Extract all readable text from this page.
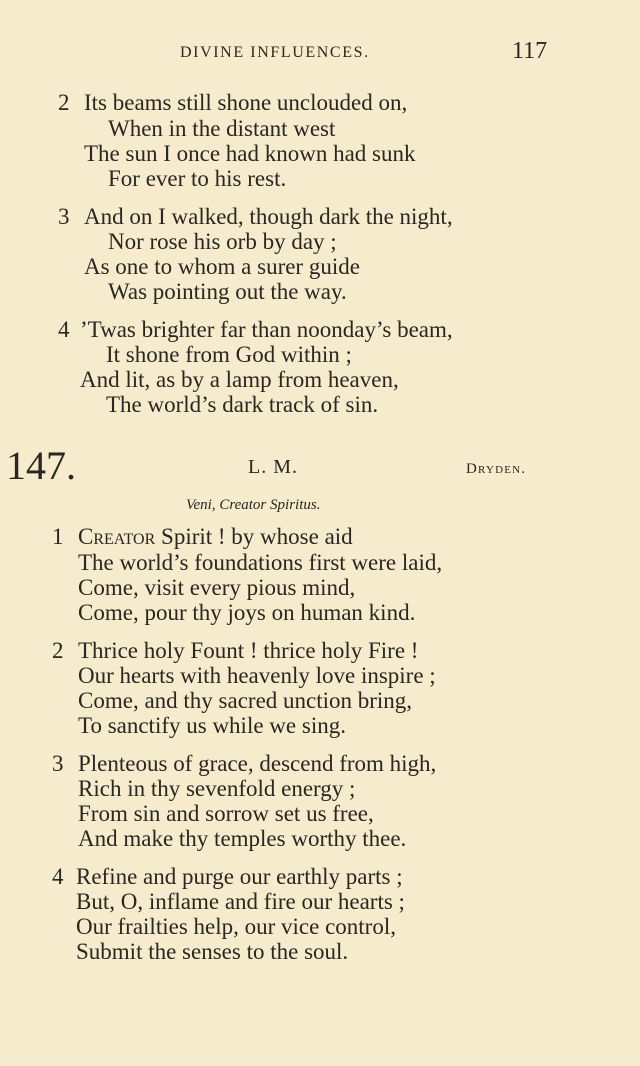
DIVINE INFLUENCES.	117
2 Its beams still shone unclouded on,
When in the distant west
The sun I once had known had sunk
For ever to his rest.
3 And on I walked, though dark the night,
Nor rose his orb by day ;
As one to whom a surer guide
Was pointing out the way.
4 ’Twas brighter far than noonday’s beam,
It shone from God within ;
And lit, as by a lamp from heaven,
The world’s dark track of sin.
147.	L. M.	Dryden.
Veni, Creator Spiritus.
1 Creator Spirit ! by whose aid
The world’s foundations first were laid,
Come, visit every pious mind,
Come, pour thy joys on human kind.
2 Thrice holy Fount ! thrice holy Fire !
Our hearts with heavenly love inspire ;
Come, and thy sacred unction bring,
To sanctify us while we sing.
3 Plenteous of grace, descend from high,
Rich in thy sevenfold energy ;
From sin and sorrow set us free,
And make thy temples worthy thee.
4 Refine and purge our earthly parts ;
But, O, inflame and fire our hearts ;
Our frailties help, our vice control,
Submit the senses to the soul.
